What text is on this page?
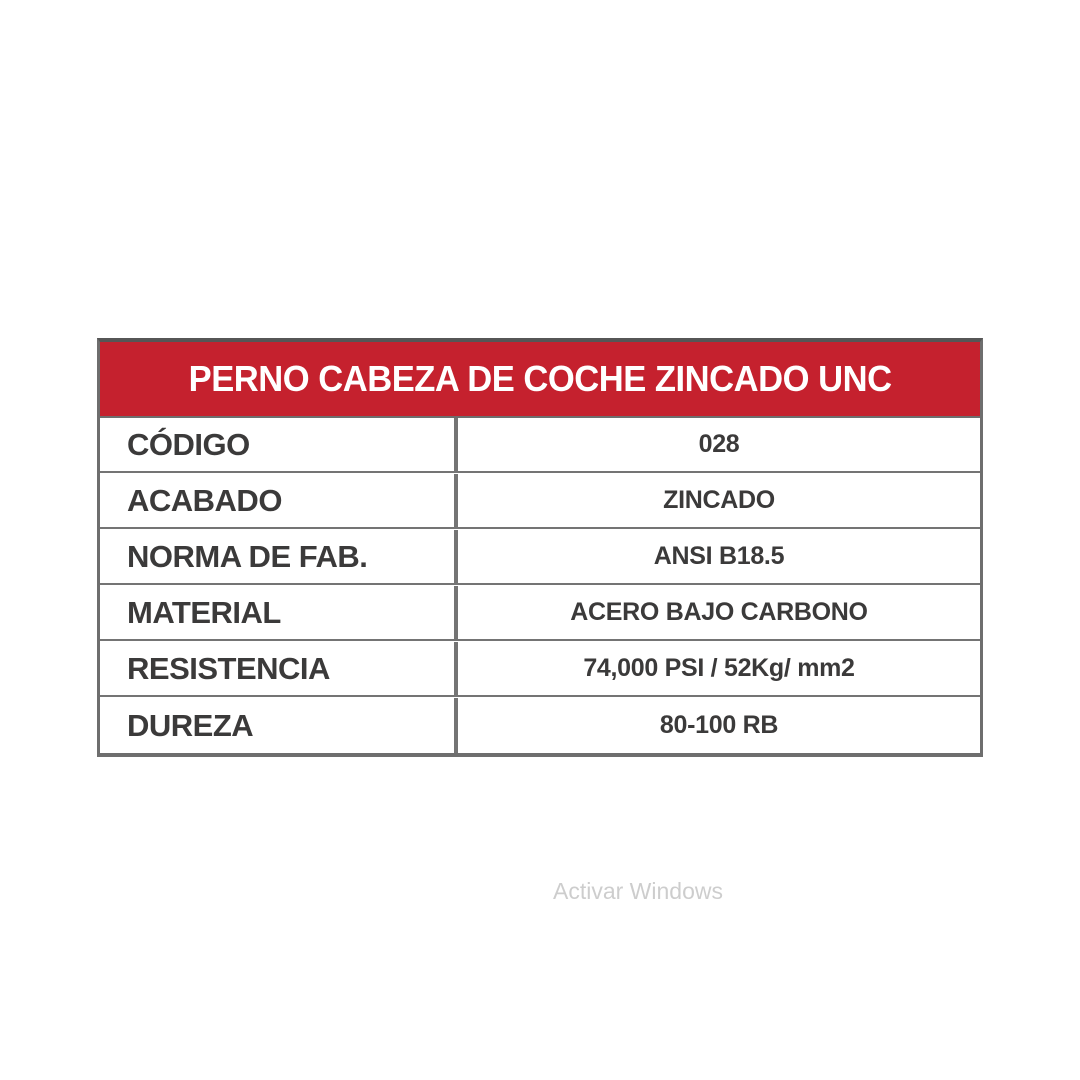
PERNO CABEZA DE COCHE ZINCADO UNC
CÓDIGO	028
ACABADO	ZINCADO
NORMA DE FAB.	ANSI B18.5
MATERIAL	ACERO BAJO CARBONO
RESISTENCIA	74,000 PSI / 52Kg/ mm2
DUREZA	80-100 RB
Activar Windows
